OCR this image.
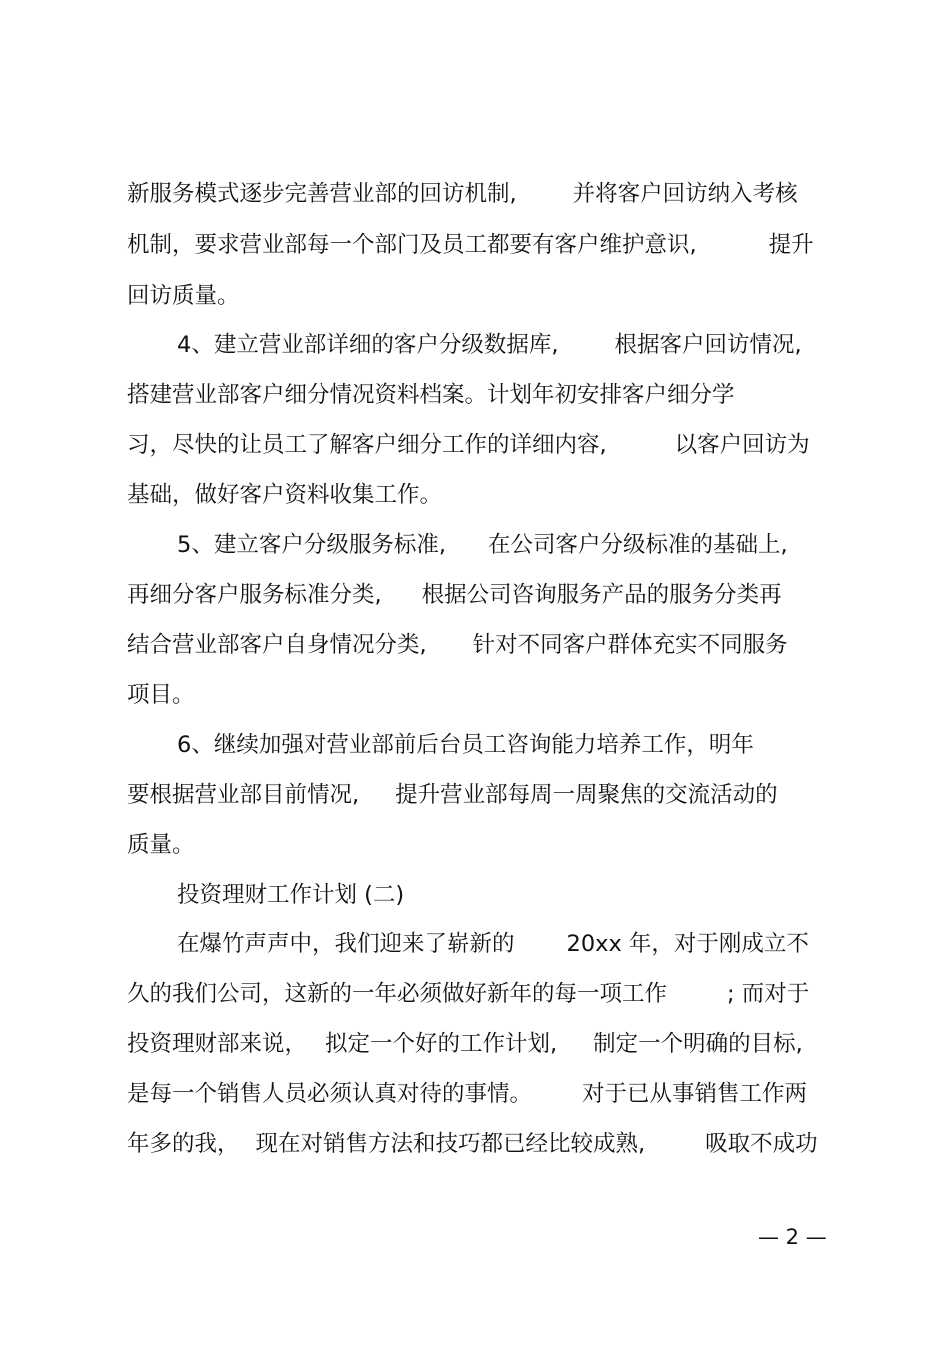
新服务模式逐步完善营业部的回访机制, 并将客户回访纳入考核
机制，要求营业部每一个部门及员工都要有客户维护意识,	提升
回访质量。
4、建立营业部详细的客户分级数据库, 根据客户回访情况,
搭建营业部客户细分情况资料档案。计划年初安排客户细分学
习，尽快的让员工了解客户细分工作的详细内容,	以客户回访为
基础，做好客户资料收集工作。
5、建立客户分级服务标准, 在公司客户分级标准的基础上,
再细分客户服务标准分类, 根据公司咨询服务产品的服务分类再
结合营业部客户自身情况分类, 针对不同客户群体充实不同服务
项目。
6、继续加强对营业部前后台员工咨询能力培养工作，明年
要根据营业部目前情况, 提升营业部每周一周聚焦的交流活动的
质量。
投资理财工作计划 (二)
在爆竹声声中，我们迎来了崭新的 20xx 年，对于刚成立不
久的我们公司，这新的一年必须做好新年的每一项工作	; 而对于
投资理财部来说， 拟定一个好的工作计划, 制定一个明确的目标,
是每一个销售人员必须认真对待的事情。 对于已从事销售工作两
年多的我， 现在对销售方法和技巧都已经比较成熟,	吸取不成功
— 2 —
